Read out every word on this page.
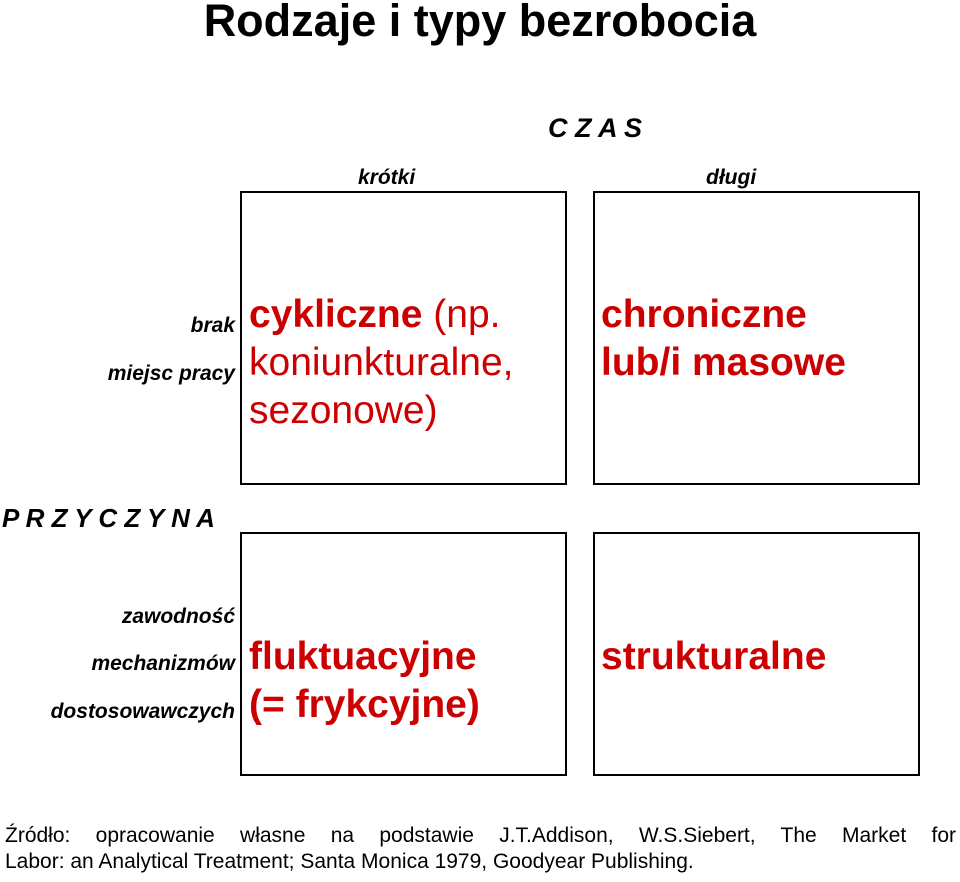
Rodzaje i typy bezrobocia
C Z A S
krótki	długi
brak
miejsc pracy
P R Z Y C Z Y N A
zawodność
mechanizmów
dostosowawczych
cykliczne (np.
koniunkturalne,
sezonowe)
chroniczne
lub/i masowe
fluktuacyjne
(= frykcyjne)
strukturalne
Źródło: opracowanie własne na podstawie J.T.Addison, W.S.Siebert, The Market for
Labor: an Analytical Treatment; Santa Monica 1979, Goodyear Publishing.
